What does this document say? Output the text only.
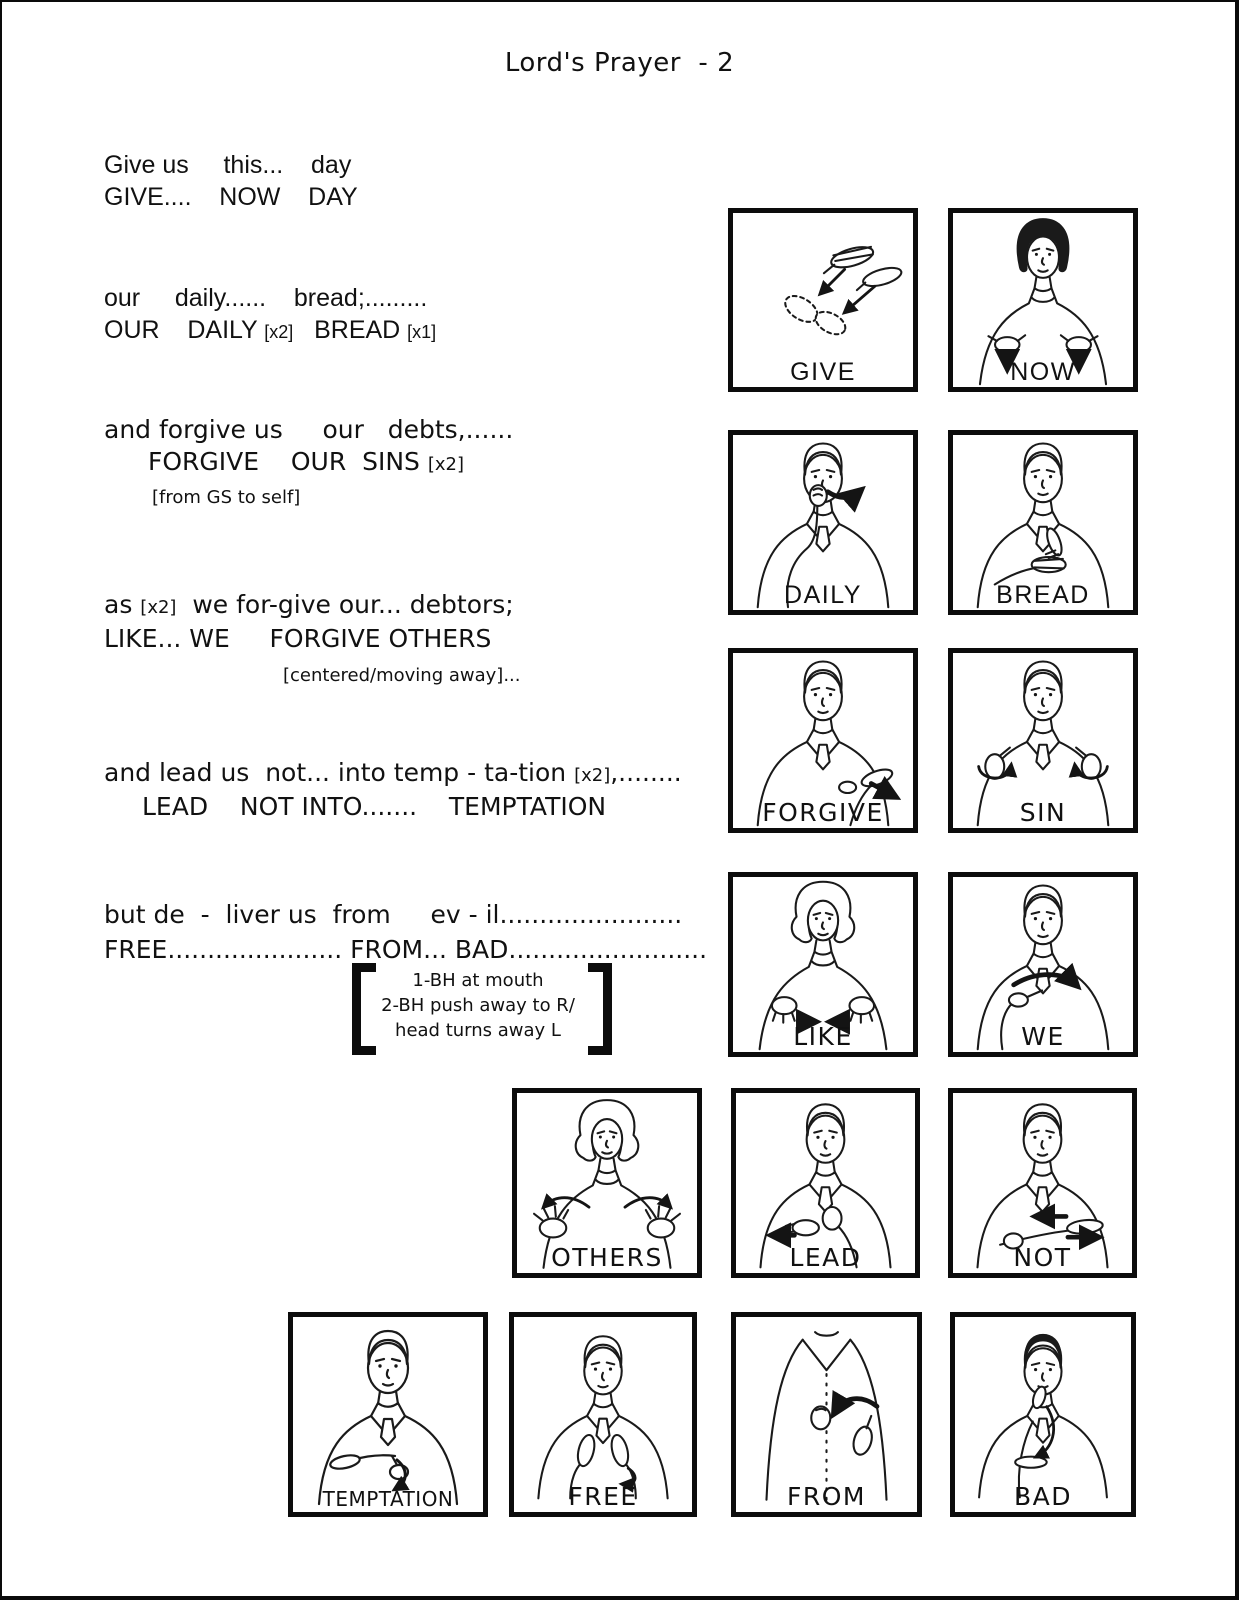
Lord's Prayer  - 2
Give us     this...    day
GIVE....    NOW    DAY
our     daily......    bread;.........
OUR    DAILY [x2]   BREAD [x1]
and forgive us     our   debts,......
FORGIVE    OUR  SINS [x2]
[from GS to self]
as [x2]  we for-give our... debtors;
LIKE... WE     FORGIVE OTHERS
[centered/moving away]...
and lead us  not... into temp - ta-tion [x2],........
LEAD    NOT INTO.......    TEMPTATION
but de  -  liver us  from     ev - il.......................
FREE...................... FROM... BAD.........................
1-BH at mouth
2-BH push away to R/
head turns away L
GIVE	NOW
DAILY	BREAD
FORGIVE	SIN
LIKE	WE
OTHERS	LEAD	NOT
TEMPTATION	FREE	FROM	BAD
